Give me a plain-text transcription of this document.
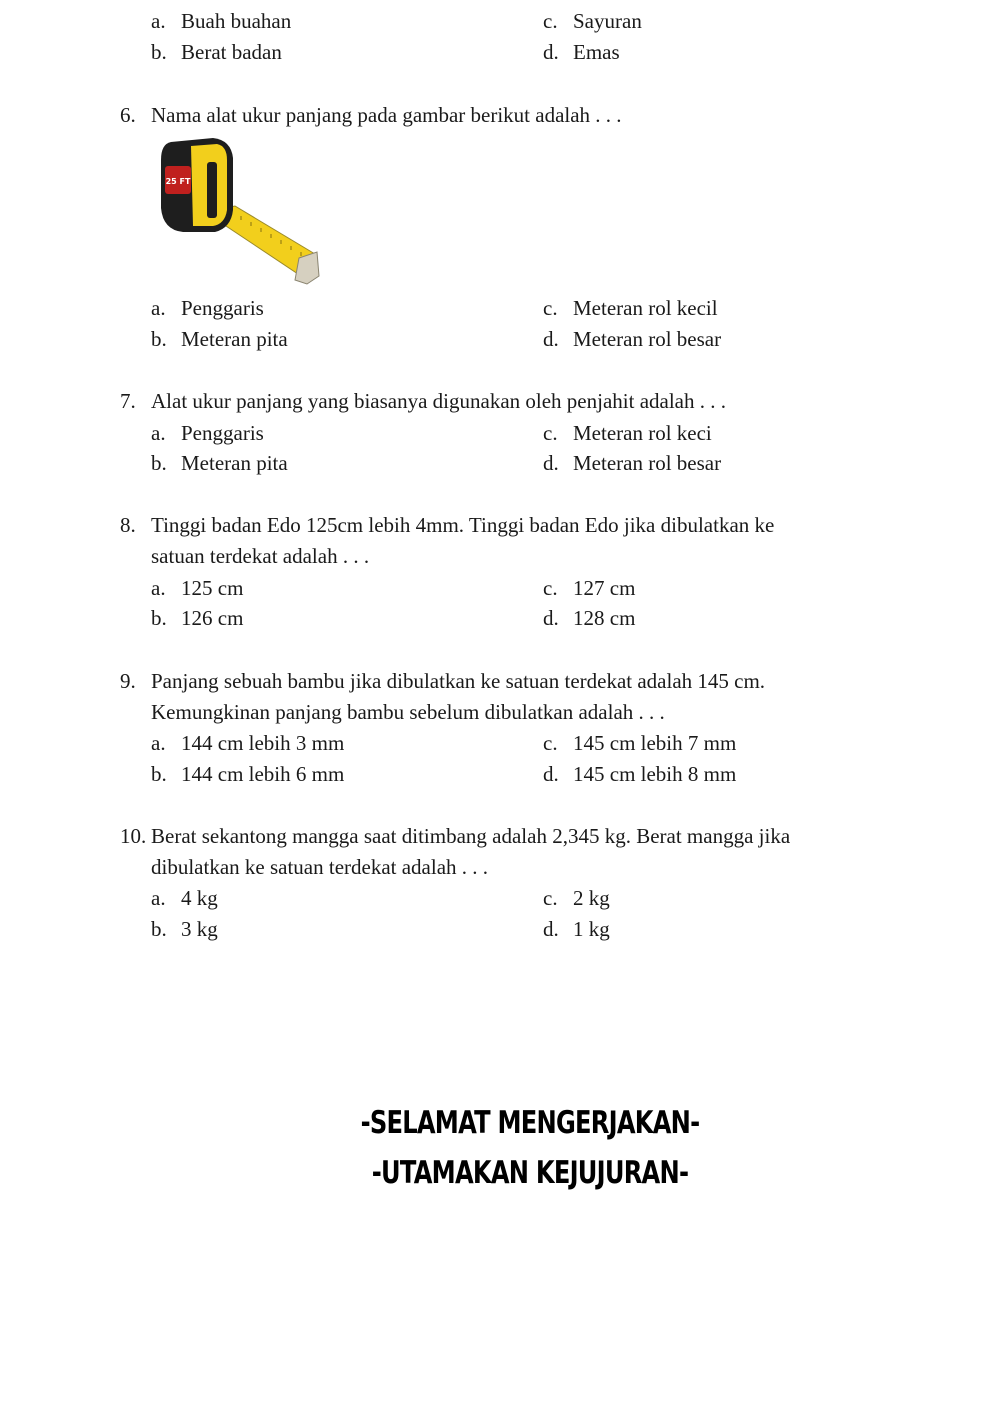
a. Buah buahan	c. Sayuran
b. Berat badan	d. Emas
6. Nama alat ukur panjang pada gambar berikut adalah . . .
25 FT
a. Penggaris	c. Meteran rol kecil
b. Meteran pita	d. Meteran rol besar
7. Alat ukur panjang yang biasanya digunakan oleh penjahit adalah . . .
a. Penggaris	c. Meteran rol keci
b. Meteran pita	d. Meteran rol besar
8. Tinggi badan Edo 125cm lebih 4mm. Tinggi badan Edo jika dibulatkan ke
satuan terdekat adalah . . .
a. 125 cm	c. 127 cm
b. 126 cm	d. 128 cm
9. Panjang sebuah bambu jika dibulatkan ke satuan terdekat adalah 145 cm.
Kemungkinan panjang bambu sebelum dibulatkan adalah . . .
a. 144 cm lebih 3 mm	c. 145 cm lebih 7 mm
b. 144 cm lebih 6 mm	d. 145 cm lebih 8 mm
10. Berat sekantong mangga saat ditimbang adalah 2,345 kg. Berat mangga jika
dibulatkan ke satuan terdekat adalah . . .
a. 4 kg	c. 2 kg
b. 3 kg	d. 1 kg
-SELAMAT MENGERJAKAN-
-UTAMAKAN KEJUJURAN-
